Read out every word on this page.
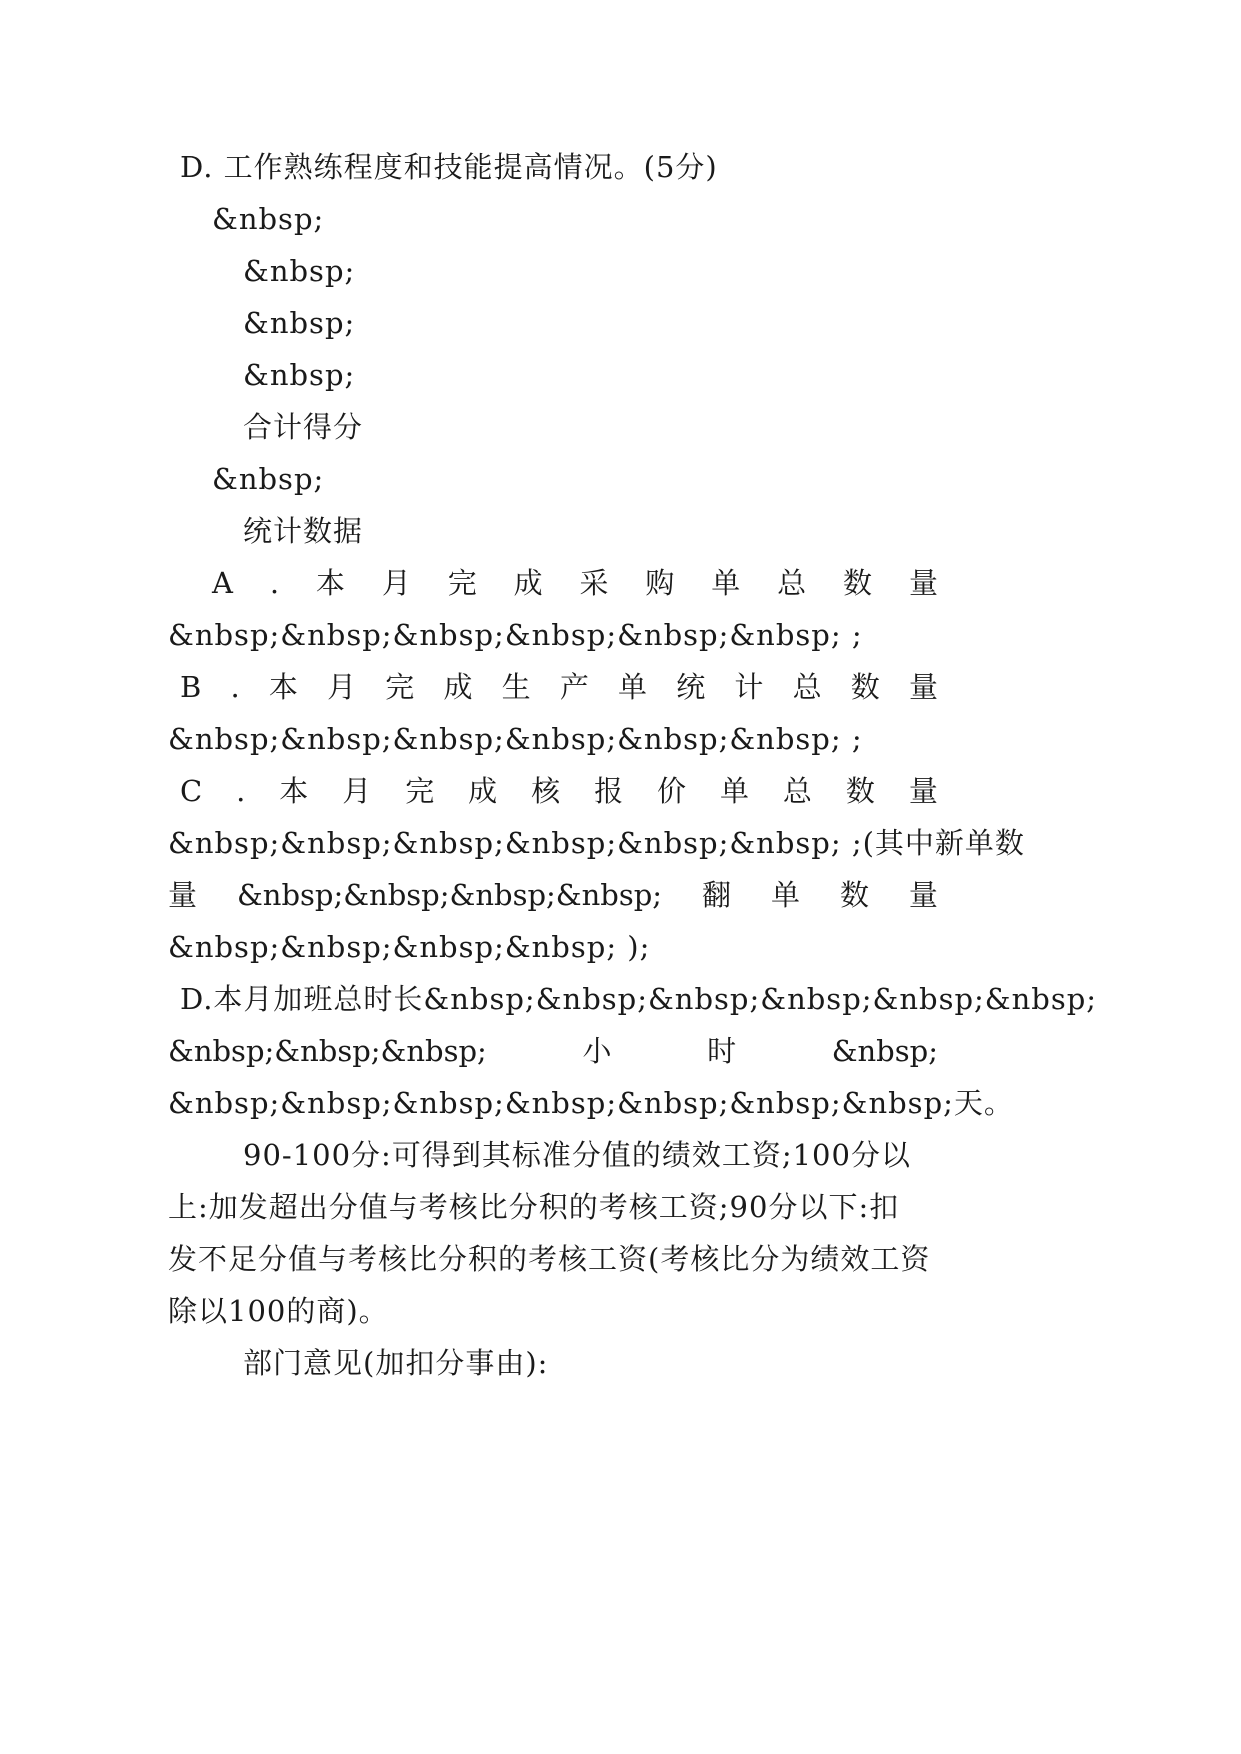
D. 工作熟练程度和技能提高情况。(5分)
&nbsp;
&nbsp;
&nbsp;
&nbsp;
合计得分
&nbsp;
统计数据
A . 本 月 完 成 采 购 单 总 数 量
&nbsp;&nbsp;&nbsp;&nbsp;&nbsp;&nbsp; ;
B . 本 月 完 成 生 产 单 统 计 总 数 量
&nbsp;&nbsp;&nbsp;&nbsp;&nbsp;&nbsp; ;
C . 本 月 完 成 核 报 价 单 总 数 量
&nbsp;&nbsp;&nbsp;&nbsp;&nbsp;&nbsp; ;(其中新单数
量 &nbsp;&nbsp;&nbsp;&nbsp; 翻 单 数 量
&nbsp;&nbsp;&nbsp;&nbsp; );
D.本月加班总时长&nbsp;&nbsp;&nbsp;&nbsp;&nbsp;&nbsp;
&nbsp;&nbsp;&nbsp;	小	时	&nbsp;
&nbsp;&nbsp;&nbsp;&nbsp;&nbsp;&nbsp;&nbsp;天。
90-100分:可得到其标准分值的绩效工资;100分以
上:加发超出分值与考核比分积的考核工资;90分以下:扣
发不足分值与考核比分积的考核工资(考核比分为绩效工资
除以100的商)。
部门意见(加扣分事由):
